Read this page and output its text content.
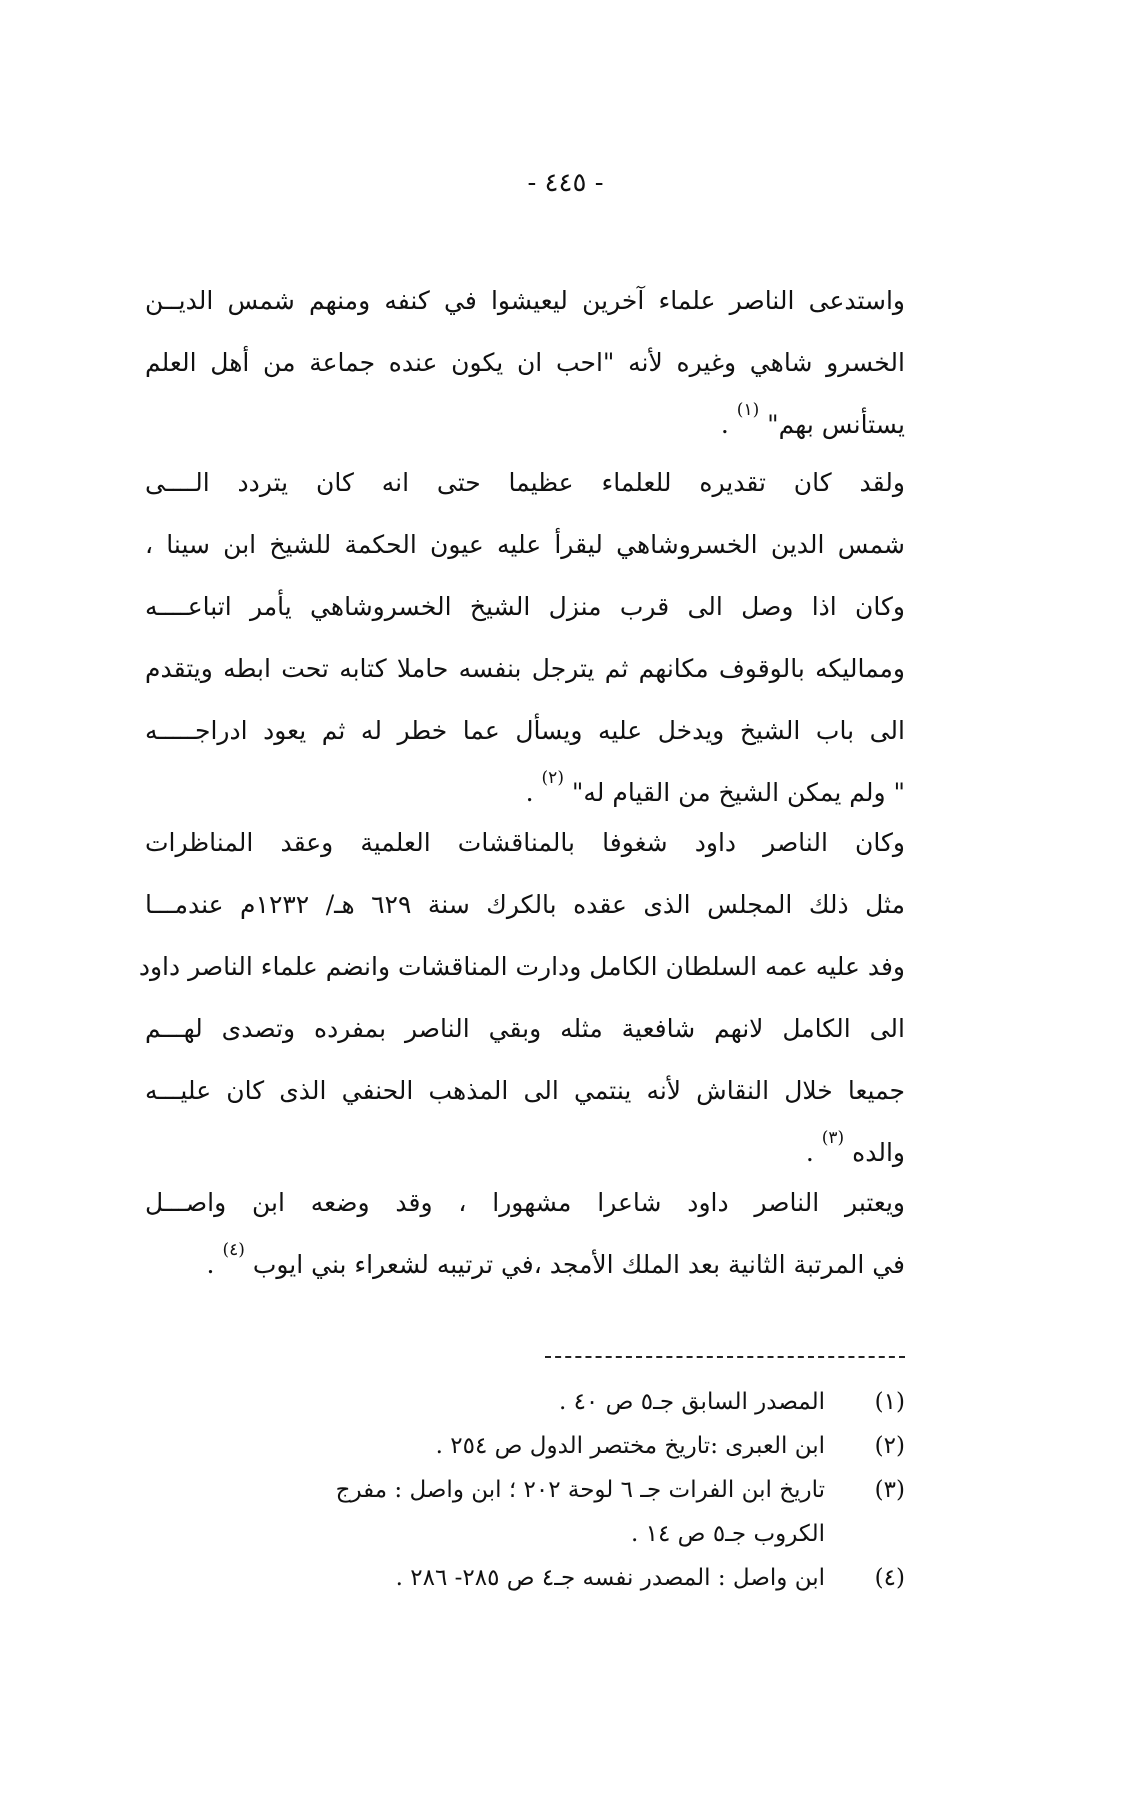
- ٤٤٥ -
واستدعى الناصر علماء آخرين ليعيشوا في كنفه ومنهم شمس الديــن
الخسرو شاهي وغيره لأنه "احب ان يكون عنده جماعة من أهل العلم
يستأنس بهم" $^{(١)}$ .
ولقد كان تقديره للعلماء عظيما حتى انه كان يتردد الــــى
شمس الدين الخسروشاهي ليقرأ عليه عيون الحكمة للشيخ ابن سينا ،
وكان اذا وصل الى قرب منزل الشيخ الخسروشاهي يأمر اتباعــــه
ومماليكه بالوقوف مكانهم ثم يترجل بنفسه حاملا كتابه تحت ابطه ويتقدم
الى باب الشيخ ويدخل عليه ويسأل عما خطر له ثم يعود ادراجـــــه
" ولم يمكن الشيخ من القيام له" $^{(٢)}$ .
وكان الناصر داود شغوفا بالمناقشات العلمية وعقد المناظرات
مثل ذلك المجلس الذى عقده بالكرك سنة ٦٢٩ هـ/ ١٢٣٢م عندمـــا
وفد عليه عمه السلطان الكامل ودارت المناقشات وانضم علماء الناصر داود
الى الكامل لانهم شافعية مثله وبقي الناصر بمفرده وتصدى لهـــم
جميعا خلال النقاش لأنه ينتمي الى المذهب الحنفي الذى كان عليـــه
والده $^{(٣)}$ .
ويعتبر الناصر داود شاعرا مشهورا ، وقد وضعه ابن واصـــل
في المرتبة الثانية بعد الملك الأمجد ،في ترتيبه لشعراء بني ايوب $^{(٤)}$ .
(١)
المصدر السابق جـ٥ ص ٤٠ .
(٢)
ابن العبرى :تاريخ مختصر الدول ص ٢٥٤ .
(٣)
تاريخ ابن الفرات جـ ٦ لوحة ٢٠٢ ؛ ابن واصل : مفرج
الكروب جـ٥ ص ١٤ .
(٤)
ابن واصل : المصدر نفسه جـ٤ ص ٢٨٥- ٢٨٦ .
